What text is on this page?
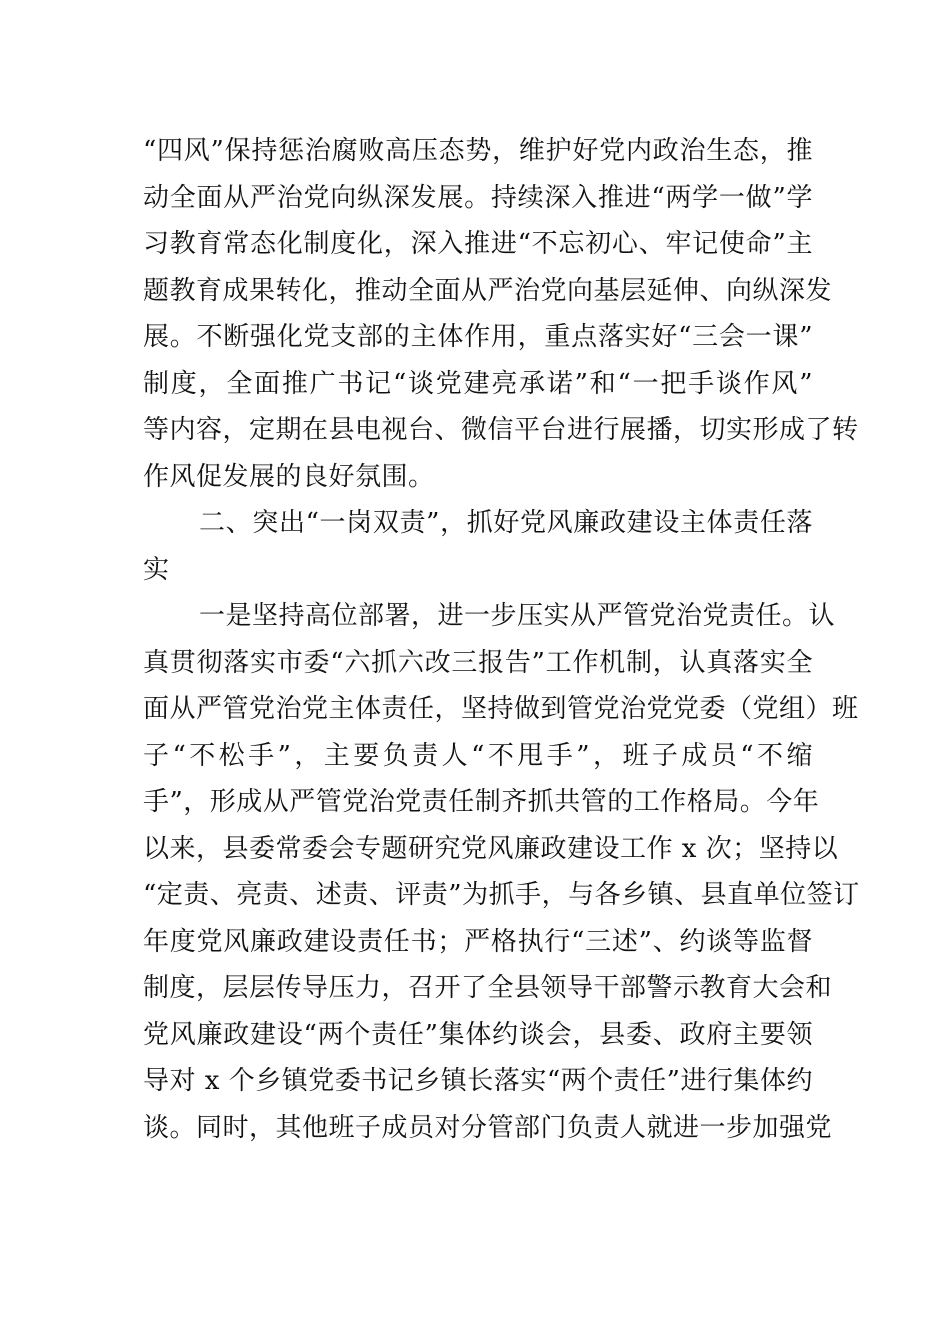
“四风”保持惩治腐败高压态势，维护好党内政治生态，推
动全面从严治党向纵深发展。持续深入推进“两学一做”学
习教育常态化制度化，深入推进“不忘初心、牢记使命”主
题教育成果转化，推动全面从严治党向基层延伸、向纵深发
展。不断强化党支部的主体作用，重点落实好“三会一课”
制度，全面推广书记“谈党建亮承诺”和“一把手谈作风”
等内容，定期在县电视台、微信平台进行展播，切实形成了转
作风促发展的良好氛围。
二、突出“一岗双责”，抓好党风廉政建设主体责任落
实
一是坚持高位部署，进一步压实从严管党治党责任。认
真贯彻落实市委“六抓六改三报告”工作机制，认真落实全
面从严管党治党主体责任，坚持做到管党治党党委（党组）班
子“不松手”，主要负责人“不甩手”，班子成员“不缩
手”，形成从严管党治党责任制齐抓共管的工作格局。今年
以来，县委常委会专题研究党风廉政建设工作 x 次；坚持以
“定责、亮责、述责、评责”为抓手，与各乡镇、县直单位签订
年度党风廉政建设责任书；严格执行“三述”、约谈等监督
制度，层层传导压力，召开了全县领导干部警示教育大会和
党风廉政建设“两个责任”集体约谈会，县委、政府主要领
导对 x 个乡镇党委书记乡镇长落实“两个责任”进行集体约
谈。同时，其他班子成员对分管部门负责人就进一步加强党
